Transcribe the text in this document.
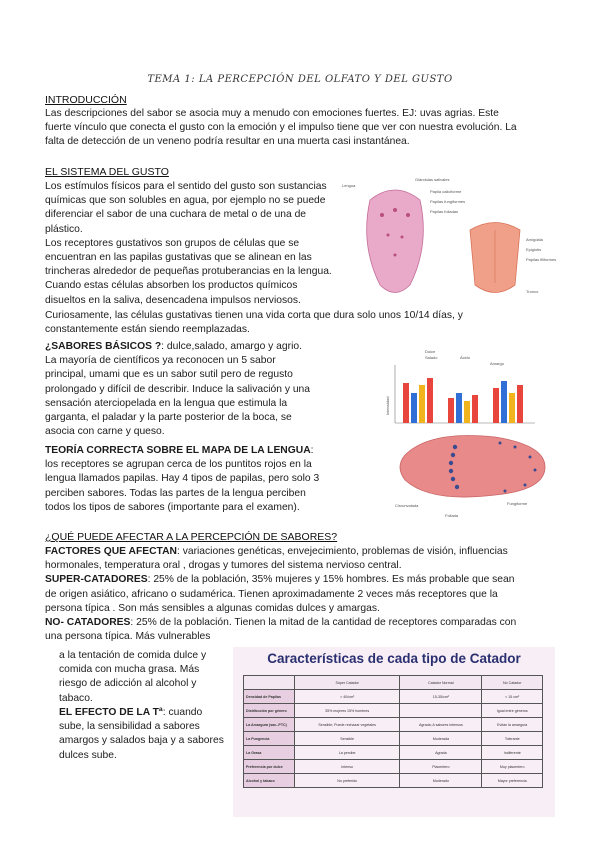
TEMA 1: LA PERCEPCIÓN DEL OLFATO Y DEL GUSTO
INTRODUCCIÓN
Las descripciones del sabor se asocia muy a menudo con emociones fuertes. EJ: uvas agrias. Este
fuerte vínculo que conecta el gusto con la emoción y el impulso tiene que ver con nuestra evolución. La
falta de detección de un veneno podría resultar en una muerta casi instantánea.
EL SISTEMA DEL GUSTO
Los estímulos físicos para el sentido del gusto son sustancias
químicas que son solubles en agua, por ejemplo no se puede
diferenciar el sabor de una cuchara de metal o de una de
plástico.
Los receptores gustativos son grupos de células que se
encuentran en las papilas gustativas que se alinean en las
trincheras alrededor de pequeñas protuberancias en la lengua.
Cuando estas células absorben los productos químicos
disueltos en la saliva, desencadena impulsos nerviosos.
Curiosamente, las células gustativas tienen una vida corta que dura solo unos 10/14 días, y
constantemente están siendo reemplazadas.
Lengua
Glándulas salivales
Papila caliciforme
Papilas fungiformes
Papilas foliadas
Amígdala
Epiglotis
Papilas filiformes
Tronco
¿SABORES BÁSICOS ?: dulce,salado, amargo y agrio.
La mayoría de científicos ya reconocen un 5 sabor
principal, umami que es un sabor sutil pero de regusto
prolongado y difícil de describir. Induce la salivación y una
sensación aterciopelada en la lengua que estimula la
garganta, el paladar y la parte posterior de la boca, se
asocia con carne y queso.
TEORÍA CORRECTA SOBRE EL MAPA DE LA LENGUA:
los receptores se agrupan cerca de los puntitos rojos en la
lengua llamados papilas. Hay 4 tipos de papilas, pero solo 3
perciben sabores. Todas las partes de la lengua perciben
todos los tipos de sabores (importante para el examen).
Intensidad
Dulce
Salado	Ácido
Amargo
Circunvalada
Foliada
Fungiforme
¿QUÉ PUEDE AFECTAR A LA PERCEPCIÓN DE SABORES?
FACTORES QUE AFECTAN: variaciones genéticas, envejecimiento, problemas de visión, influencias
hormonales, temperatura oral , drogas y tumores del sistema nervioso central.
SUPER-CATADORES: 25% de la población, 35% mujeres y 15% hombres. Es más probable que sean
de origen asiático, africano o sudamérica. Tienen aproximadamente 2 veces más receptores que la
persona típica . Son más sensibles a algunas comidas dulces y amargas.
NO- CATADORES: 25% de la población. Tienen la mitad de la cantidad de receptores comparadas con
una persona típica. Más vulnerables
a la tentación de comida dulce y
comida con mucha grasa. Más
riesgo de adicción al alcohol y
tabaco.
EL EFECTO DE LA Tª: cuando
sube, la sensibilidad a sabores
amargos y salados baja y a sabores
dulces sube.
Características de cada tipo de Catador
	Súper Catador	Catador Normal	No Catador
Densidad de Papilas	> 40/cm²	15-35/cm²	< 15 cm²
Distribución por género	35% mujeres 15% hombres		Igual entre géneros
La Amargura (sac.-PTC)	Sensible; Puede rechazar vegetales	Agrada; A sabores intensos	Evitan la amargura
La Pungencia	Sensible	Moderada	Tolerante
La Grasa	La percibe	Agrada	Indiferente
Preferencia por dulce	Intenso	Placentero	Muy placentero
Alcohol y tabaco	No preferido	Moderado	Mayor preferencia
